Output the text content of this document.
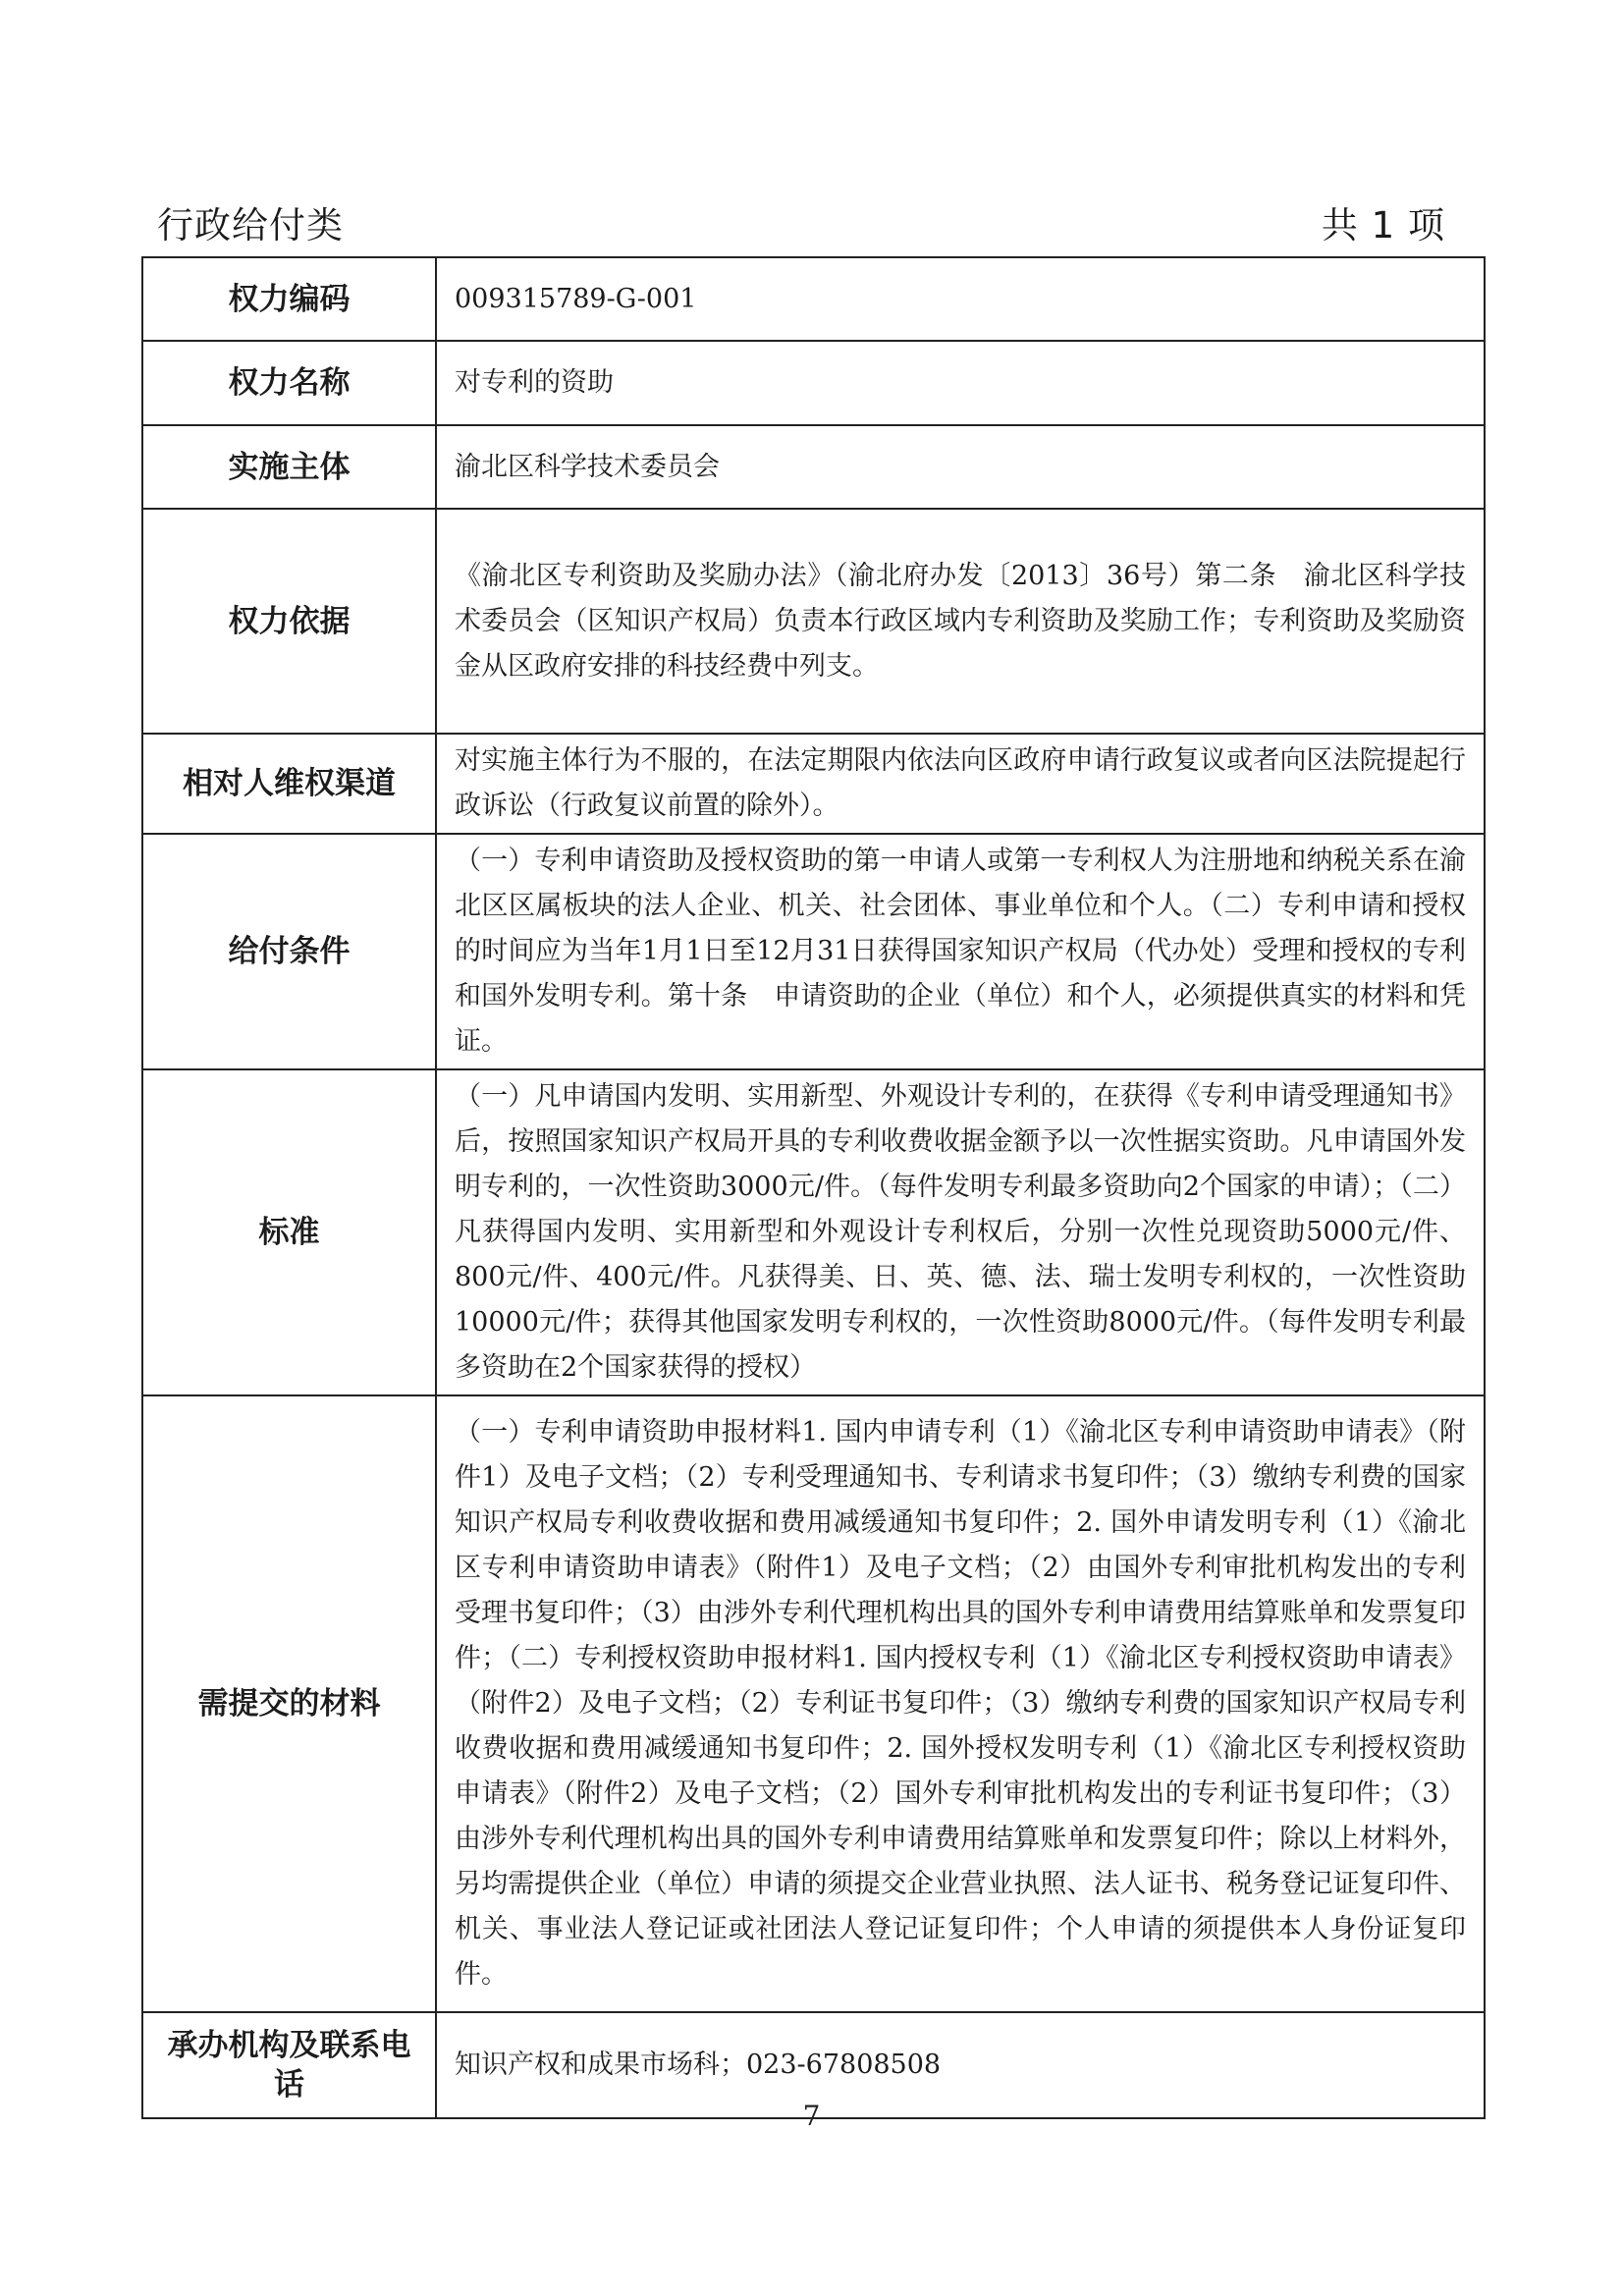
行政给付类	共 1 项
权力编码	009315789-G-001
权力名称	对专利的资助
实施主体	渝北区科学技术委员会
权力依据	《渝北区专利资助及奖励办法》（渝北府办发〔2013〕36号）第二条　渝北区科学技术委员会（区知识产权局）负责本行政区域内专利资助及奖励工作；专利资助及奖励资金从区政府安排的科技经费中列支。
相对人维权渠道	对实施主体行为不服的，在法定期限内依法向区政府申请行政复议或者向区法院提起行政诉讼（行政复议前置的除外）。
给付条件	（一）专利申请资助及授权资助的第一申请人或第一专利权人为注册地和纳税关系在渝北区区属板块的法人企业、机关、社会团体、事业单位和个人。（二）专利申请和授权的时间应为当年1月1日至12月31日获得国家知识产权局（代办处）受理和授权的专利和国外发明专利。第十条　申请资助的企业（单位）和个人，必须提供真实的材料和凭证。
标准	（一）凡申请国内发明、实用新型、外观设计专利的，在获得《专利申请受理通知书》后，按照国家知识产权局开具的专利收费收据金额予以一次性据实资助。凡申请国外发明专利的，一次性资助3000元/件。（每件发明专利最多资助向2个国家的申请）；（二）凡获得国内发明、实用新型和外观设计专利权后，分别一次性兑现资助5000元/件、800元/件、400元/件。凡获得美、日、英、德、法、瑞士发明专利权的，一次性资助10000元/件；获得其他国家发明专利权的，一次性资助8000元/件。（每件发明专利最多资助在2个国家获得的授权）
需提交的材料	（一）专利申请资助申报材料1. 国内申请专利（1）《渝北区专利申请资助申请表》（附件1）及电子文档；（2）专利受理通知书、专利请求书复印件；（3）缴纳专利费的国家知识产权局专利收费收据和费用减缓通知书复印件；2. 国外申请发明专利（1）《渝北区专利申请资助申请表》（附件1）及电子文档；（2）由国外专利审批机构发出的专利受理书复印件；（3）由涉外专利代理机构出具的国外专利申请费用结算账单和发票复印件；（二）专利授权资助申报材料1. 国内授权专利（1）《渝北区专利授权资助申请表》（附件2）及电子文档；（2）专利证书复印件；（3）缴纳专利费的国家知识产权局专利收费收据和费用减缓通知书复印件；2. 国外授权发明专利（1）《渝北区专利授权资助申请表》（附件2）及电子文档；（2）国外专利审批机构发出的专利证书复印件；（3）由涉外专利代理机构出具的国外专利申请费用结算账单和发票复印件；除以上材料外，另均需提供企业（单位）申请的须提交企业营业执照、法人证书、税务登记证复印件、机关、事业法人登记证或社团法人登记证复印件；个人申请的须提供本人身份证复印件。
承办机构及联系电话	知识产权和成果市场科；023-67808508
7
